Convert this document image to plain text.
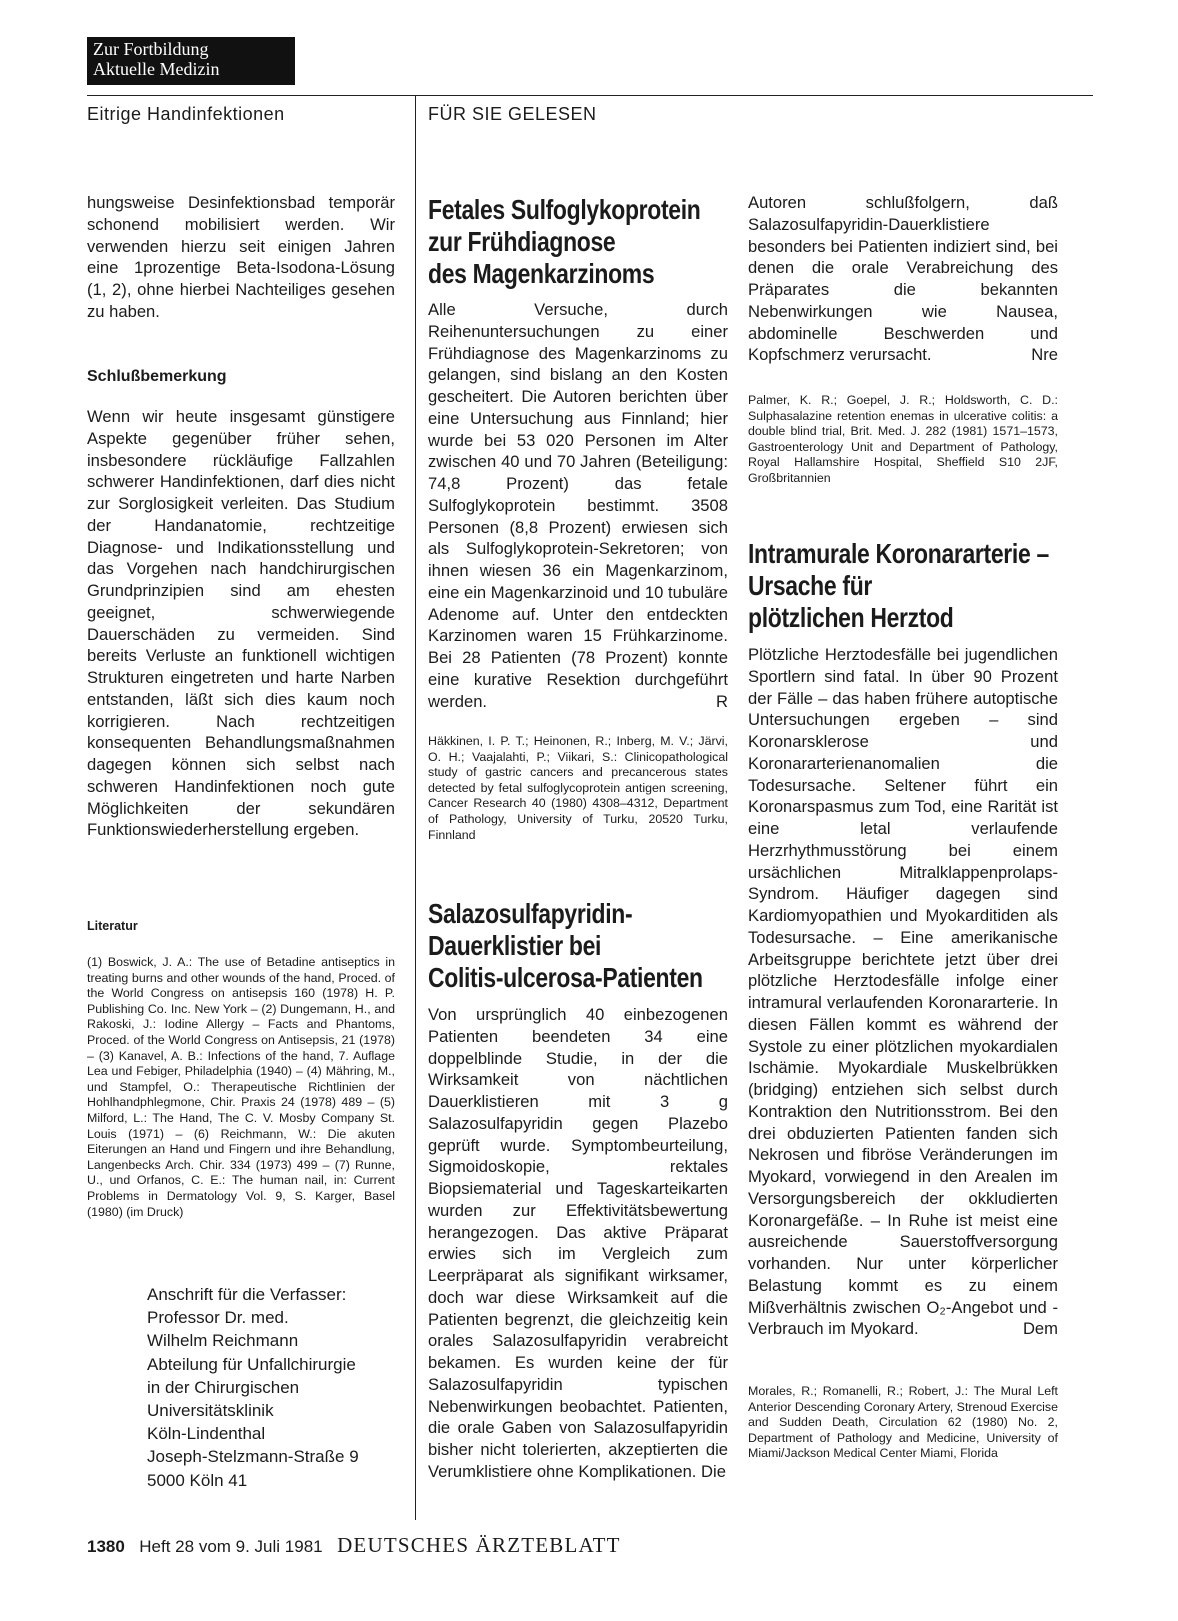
Zur Fortbildung
Aktuelle Medizin
Eitrige Handinfektionen	FÜR SIE GELESEN

hungsweise Desinfektionsbad temporär schonend mobilisiert werden. Wir verwenden hierzu seit einigen Jahren eine 1prozentige Beta-Isodona-Lösung (1, 2), ohne hierbei Nachteiliges gesehen zu haben.

Schlußbemerkung

Wenn wir heute insgesamt günstigere Aspekte gegenüber früher sehen, insbesondere rückläufige Fallzahlen schwerer Handinfektionen, darf dies nicht zur Sorglosigkeit verleiten. Das Studium der Handanatomie, rechtzeitige Diagnose- und Indikationsstellung und das Vorgehen nach handchirurgischen Grundprinzipien sind am ehesten geeignet, schwerwiegende Dauerschäden zu vermeiden. Sind bereits Verluste an funktionell wichtigen Strukturen eingetreten und harte Narben entstanden, läßt sich dies kaum noch korrigieren. Nach rechtzeitigen konsequenten Behandlungsmaßnahmen dagegen können sich selbst nach schweren Handinfektionen noch gute Möglichkeiten der sekundären Funktionswiederherstellung ergeben.

Literatur

(1) Boswick, J. A.: The use of Betadine antiseptics in treating burns and other wounds of the hand, Proced. of the World Congress on antisepsis 160 (1978) H. P. Publishing Co. Inc. New York – (2) Dungemann, H., and Rakoski, J.: Iodine Allergy – Facts and Phantoms, Proced. of the World Congress on Antisepsis, 21 (1978) – (3) Kanavel, A. B.: Infections of the hand, 7. Auflage Lea und Febiger, Philadelphia (1940) – (4) Mähring, M., und Stampfel, O.: Therapeutische Richtlinien der Hohlhandphlegmone, Chir. Praxis 24 (1978) 489 – (5) Milford, L.: The Hand, The C. V. Mosby Company St. Louis (1971) – (6) Reichmann, W.: Die akuten Eiterungen an Hand und Fingern und ihre Behandlung, Langenbecks Arch. Chir. 334 (1973) 499 – (7) Runne, U., und Orfanos, C. E.: The human nail, in: Current Problems in Dermatology Vol. 9, S. Karger, Basel (1980) (im Druck)

Anschrift für die Verfasser:
Professor Dr. med.
Wilhelm Reichmann
Abteilung für Unfallchirurgie
in der Chirurgischen
Universitätsklinik
Köln-Lindenthal
Joseph-Stelzmann-Straße 9
5000 Köln 41

Fetales Sulfoglykoprotein
zur Frühdiagnose
des Magenkarzinoms

Alle Versuche, durch Reihenuntersuchungen zu einer Frühdiagnose des Magenkarzinoms zu gelangen, sind bislang an den Kosten gescheitert. Die Autoren berichten über eine Untersuchung aus Finnland; hier wurde bei 53 020 Personen im Alter zwischen 40 und 70 Jahren (Beteiligung: 74,8 Prozent) das fetale Sulfoglykoprotein bestimmt. 3508 Personen (8,8 Prozent) erwiesen sich als Sulfoglykoprotein-Sekretoren; von ihnen wiesen 36 ein Magenkarzinom, eine ein Magenkarzinoid und 10 tubuläre Adenome auf. Unter den entdeckten Karzinomen waren 15 Frühkarzinome. Bei 28 Patienten (78 Prozent) konnte eine kurative Resektion durchgeführt werden.	R

Häkkinen, I. P. T.; Heinonen, R.; Inberg, M. V.; Järvi, O. H.; Vaajalahti, P.; Viikari, S.: Clinicopathological study of gastric cancers and precancerous states detected by fetal sulfoglycoprotein antigen screening, Cancer Research 40 (1980) 4308–4312, Department of Pathology, University of Turku, 20520 Turku, Finnland

Salazosulfapyridin-
Dauerklistier bei
Colitis-ulcerosa-Patienten

Von ursprünglich 40 einbezogenen Patienten beendeten 34 eine doppelblinde Studie, in der die Wirksamkeit von nächtlichen Dauerklistieren mit 3 g Salazosulfapyridin gegen Plazebo geprüft wurde. Symptombeurteilung, Sigmoidoskopie, rektales Biopsiematerial und Tageskarteikarten wurden zur Effektivitätsbewertung herangezogen. Das aktive Präparat erwies sich im Vergleich zum Leerpräparat als signifikant wirksamer, doch war diese Wirksamkeit auf die Patienten begrenzt, die gleichzeitig kein orales Salazosulfapyridin verabreicht bekamen. Es wurden keine der für Salazosulfapyridin typischen Nebenwirkungen beobachtet. Patienten, die orale Gaben von Salazosulfapyridin bisher nicht tolerierten, akzeptierten die Verumklistiere ohne Komplikationen. Die

Autoren schlußfolgern, daß Salazosulfapyridin-Dauerklistiere besonders bei Patienten indiziert sind, bei denen die orale Verabreichung des Präparates die bekannten Nebenwirkungen wie Nausea, abdominelle Beschwerden und Kopfschmerz verursacht.	Nre

Palmer, K. R.; Goepel, J. R.; Holdsworth, C. D.: Sulphasalazine retention enemas in ulcerative colitis: a double blind trial, Brit. Med. J. 282 (1981) 1571–1573, Gastroenterology Unit and Department of Pathology, Royal Hallamshire Hospital, Sheffield S10 2JF, Großbritannien

Intramurale Koronararterie –
Ursache für
plötzlichen Herztod

Plötzliche Herztodesfälle bei jugendlichen Sportlern sind fatal. In über 90 Prozent der Fälle – das haben frühere autoptische Untersuchungen ergeben – sind Koronarsklerose und Koronararterienanomalien die Todesursache. Seltener führt ein Koronarspasmus zum Tod, eine Rarität ist eine letal verlaufende Herzrhythmusstörung bei einem ursächlichen Mitralklappenprolaps-Syndrom. Häufiger dagegen sind Kardiomyopathien und Myokarditiden als Todesursache. – Eine amerikanische Arbeitsgruppe berichtete jetzt über drei plötzliche Herztodesfälle infolge einer intramural verlaufenden Koronararterie. In diesen Fällen kommt es während der Systole zu einer plötzlichen myokardialen Ischämie. Myokardiale Muskelbrükken (bridging) entziehen sich selbst durch Kontraktion den Nutritionsstrom. Bei den drei obduzierten Patienten fanden sich Nekrosen und fibröse Veränderungen im Myokard, vorwiegend in den Arealen im Versorgungsbereich der okkludierten Koronargefäße. – In Ruhe ist meist eine ausreichende Sauerstoffversorgung vorhanden. Nur unter körperlicher Belastung kommt es zu einem Mißverhältnis zwischen O₂-Angebot und -Verbrauch im Myokard.	Dem

Morales, R.; Romanelli, R.; Robert, J.: The Mural Left Anterior Descending Coronary Artery, Strenoud Exercise and Sudden Death, Circulation 62 (1980) No. 2, Department of Pathology and Medicine, University of Miami/Jackson Medical Center Miami, Florida

1380 Heft 28 vom 9. Juli 1981 DEUTSCHES ÄRZTEBLATT
